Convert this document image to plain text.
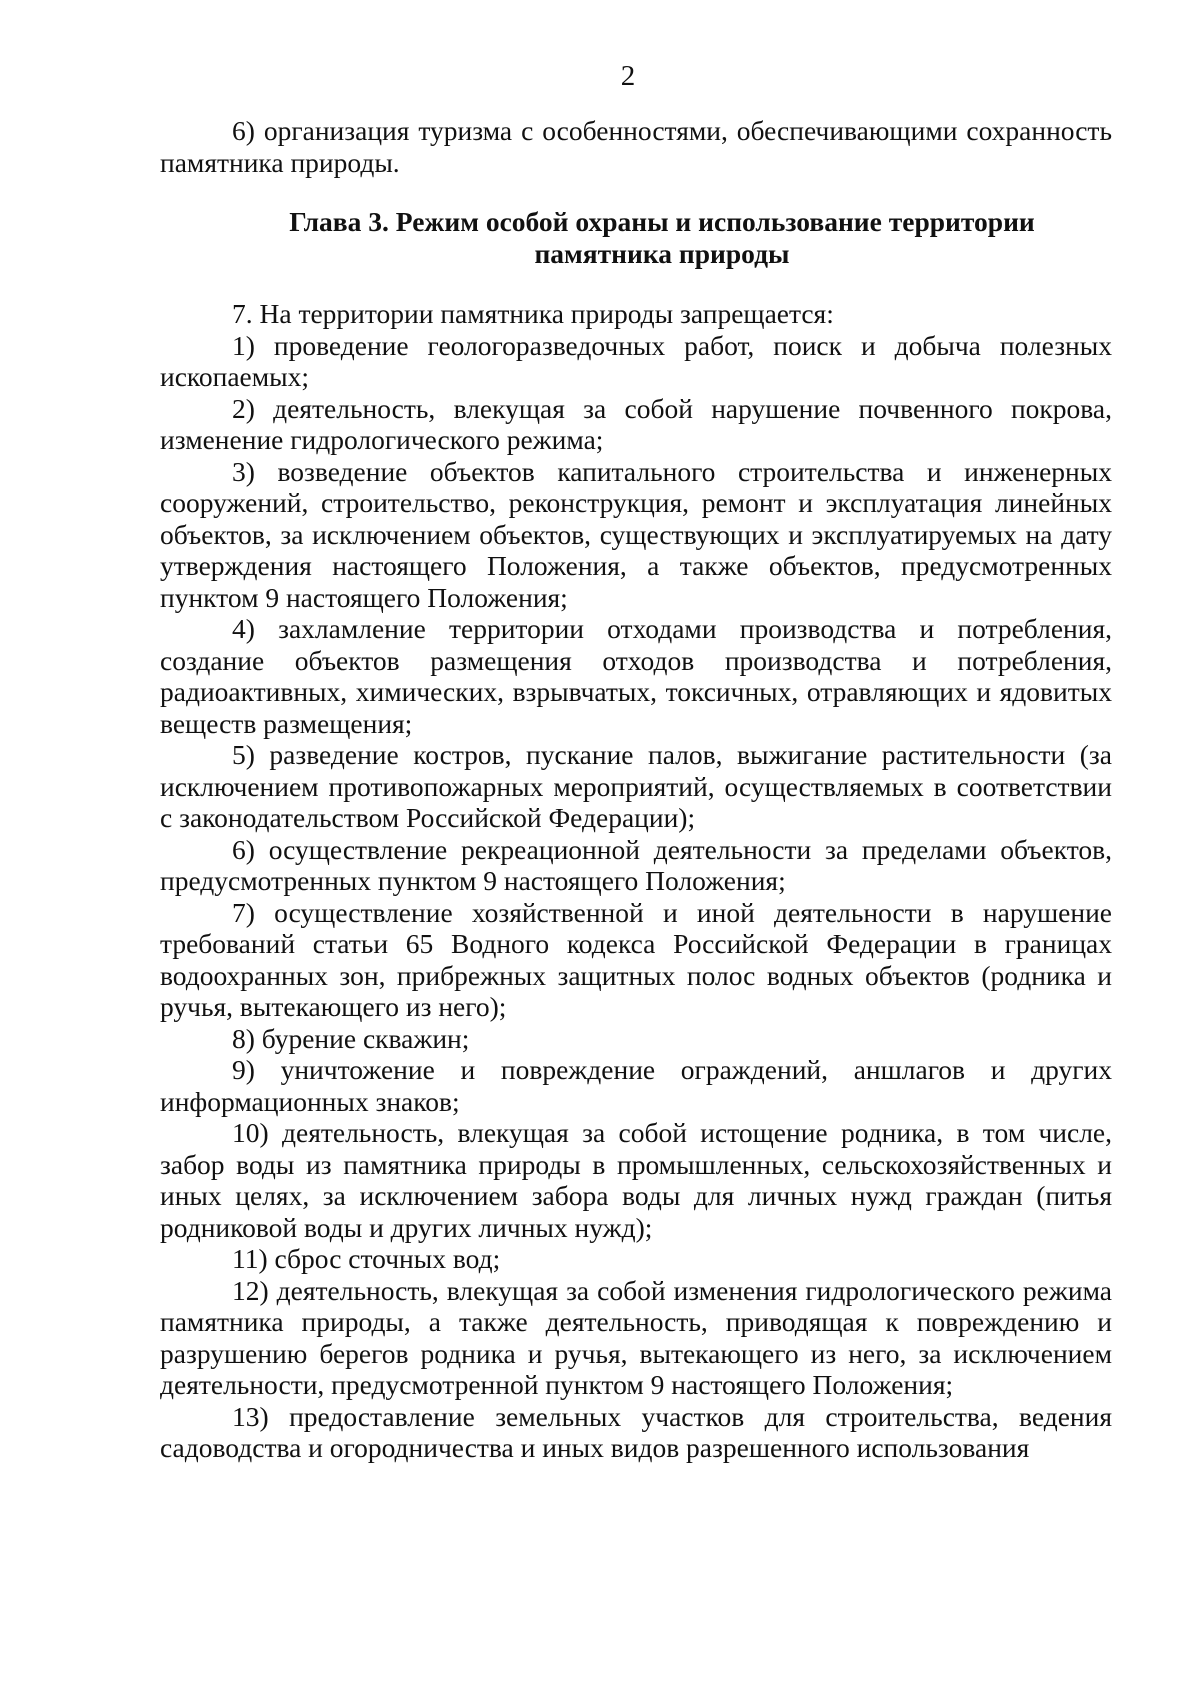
2

6) организация туризма с особенностями, обеспечивающими сохранность памятника природы.

Глава 3. Режим особой охраны и использование территории
памятника природы

7. На территории памятника природы запрещается:

1) проведение геологоразведочных работ, поиск и добыча полезных ископаемых;

2) деятельность, влекущая за собой нарушение почвенного покрова, изменение гидрологического режима;

3) возведение объектов капитального строительства и инженерных сооружений, строительство, реконструкция, ремонт и эксплуатация линейных объектов, за исключением объектов, существующих и эксплуатируемых на дату утверждения настоящего Положения, а также объектов, предусмотренных пунктом 9 настоящего Положения;

4) захламление территории отходами производства и потребления, создание объектов размещения отходов производства и потребления, радиоактивных, химических, взрывчатых, токсичных, отравляющих и ядовитых веществ размещения;

5) разведение костров, пускание палов, выжигание растительности (за исключением противопожарных мероприятий, осуществляемых в соответствии с законодательством Российской Федерации);

6) осуществление рекреационной деятельности за пределами объектов, предусмотренных пунктом 9 настоящего Положения;

7) осуществление хозяйственной и иной деятельности в нарушение требований статьи 65 Водного кодекса Российской Федерации в границах водоохранных зон, прибрежных защитных полос водных объектов (родника и ручья, вытекающего из него);

8) бурение скважин;

9) уничтожение и повреждение ограждений, аншлагов и других информационных знаков;

10) деятельность, влекущая за собой истощение родника, в том числе, забор воды из памятника природы в промышленных, сельскохозяйственных и иных целях, за исключением забора воды для личных нужд граждан (питья родниковой воды и других личных нужд);

11) сброс сточных вод;

12) деятельность, влекущая за собой изменения гидрологического режима памятника природы, а также деятельность, приводящая к повреждению и разрушению берегов родника и ручья, вытекающего из него, за исключением деятельности, предусмотренной пунктом 9 настоящего Положения;

13) предоставление земельных участков для строительства, ведения садоводства и огородничества и иных видов разрешенного использования
